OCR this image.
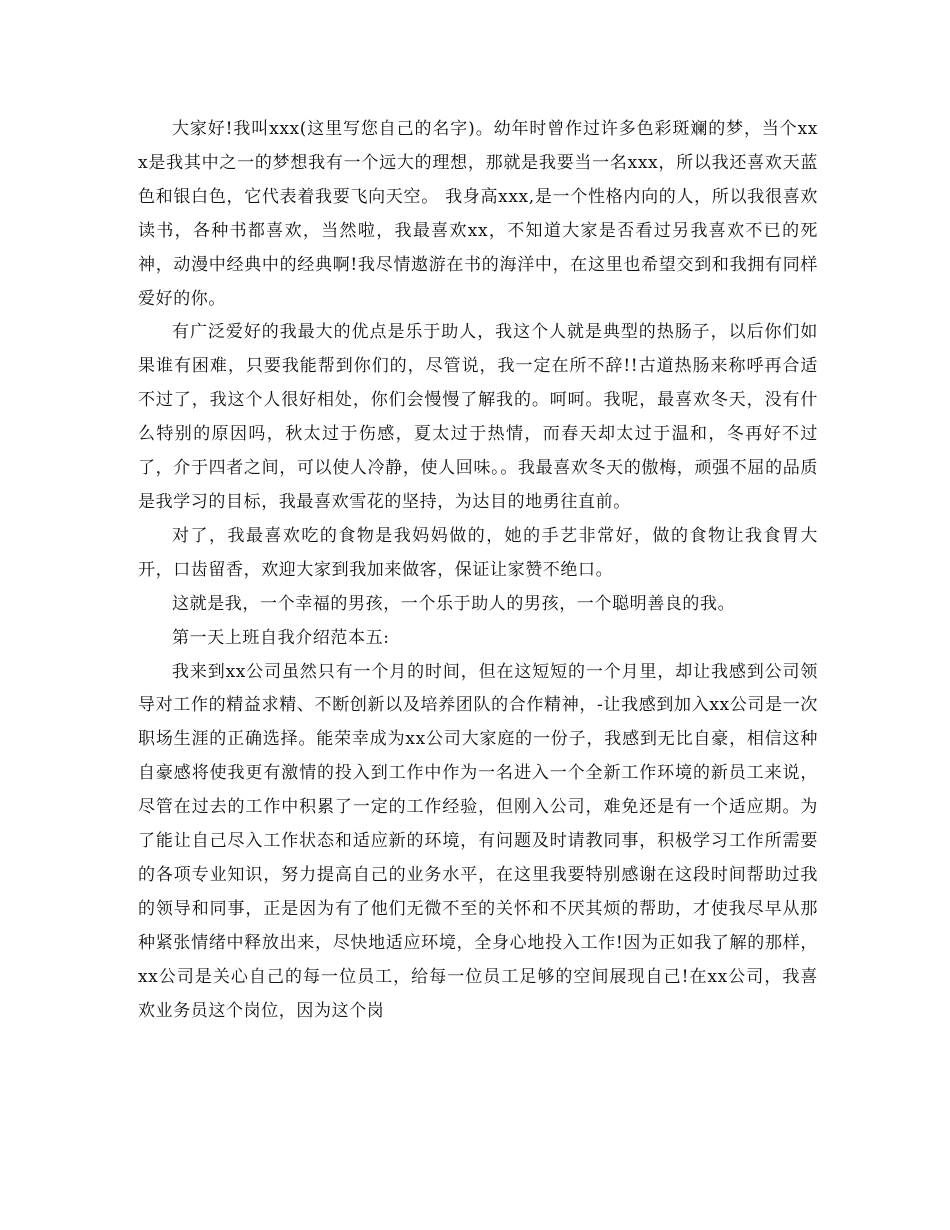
大家好!我叫xxx(这里写您自己的名字)。幼年时曾作过许多色彩斑斓的梦，当个xxx是我其中之一的梦想我有一个远大的理想，那就是我要当一名xxx，所以我还喜欢天蓝色和银白色，它代表着我要飞向天空。 我身高xxx,是一个性格内向的人，所以我很喜欢读书，各种书都喜欢，当然啦，我最喜欢xx，不知道大家是否看过另我喜欢不已的死神，动漫中经典中的经典啊!我尽情遨游在书的海洋中，在这里也希望交到和我拥有同样爱好的你。

有广泛爱好的我最大的优点是乐于助人，我这个人就是典型的热肠子，以后你们如果谁有困难，只要我能帮到你们的，尽管说，我一定在所不辞!!古道热肠来称呼再合适不过了，我这个人很好相处，你们会慢慢了解我的。呵呵。我呢，最喜欢冬天，没有什么特别的原因吗，秋太过于伤感，夏太过于热情，而春天却太过于温和，冬再好不过了，介于四者之间，可以使人冷静，使人回味。。我最喜欢冬天的傲梅，顽强不屈的品质是我学习的目标，我最喜欢雪花的坚持，为达目的地勇往直前。

对了，我最喜欢吃的食物是我妈妈做的，她的手艺非常好，做的食物让我食胃大开，口齿留香，欢迎大家到我加来做客，保证让家赞不绝口。

这就是我，一个幸福的男孩，一个乐于助人的男孩，一个聪明善良的我。

第一天上班自我介绍范本五:

我来到xx公司虽然只有一个月的时间，但在这短短的一个月里，却让我感到公司领导对工作的精益求精、不断创新以及培养团队的合作精神，-让我感到加入xx公司是一次职场生涯的正确选择。能荣幸成为xx公司大家庭的一份子，我感到无比自豪，相信这种自豪感将使我更有激情的投入到工作中作为一名进入一个全新工作环境的新员工来说，尽管在过去的工作中积累了一定的工作经验，但刚入公司，难免还是有一个适应期。为了能让自己尽入工作状态和适应新的环境，有问题及时请教同事，积极学习工作所需要的各项专业知识，努力提高自己的业务水平，在这里我要特别感谢在这段时间帮助过我的领导和同事，正是因为有了他们无微不至的关怀和不厌其烦的帮助，才使我尽早从那种紧张情绪中释放出来，尽快地适应环境，全身心地投入工作!因为正如我了解的那样，xx公司是关心自己的每一位员工，给每一位员工足够的空间展现自己!在xx公司，我喜欢业务员这个岗位，因为这个岗
